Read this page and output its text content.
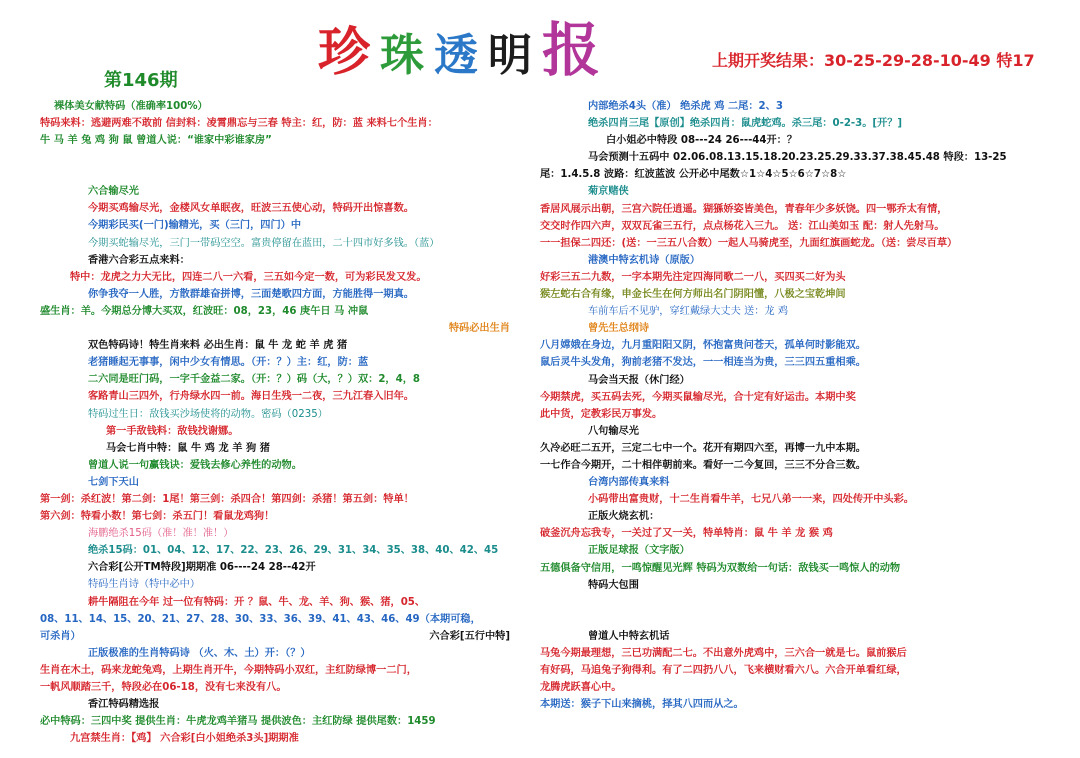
珍珠透明报
第146期
上期开奖结果：30-25-29-28-10-49 特17
裸体美女献特码（准确率100%）
特码来料：逃避两难不敢前 信封料：凌霄鼎忘与三春 特主：红，防：蓝 来料七个生肖：
牛 马 羊 兔 鸡 狗 鼠 曾道人说：“谁家中彩谁家房”
六合输尽光
今期买鸡输尽光，金楼风女单眠夜，旺波三五使心动，特码开出惊喜数。
今期彩民买(一门)输精光，买（三门，四门）中
今期买蛇输尽光，三门一带码空空。富贵停留在蓝田，二十四市好多钱。（蓝）
香港六合彩五点来料：
特中：龙虎之力大无比，四连二八一六看，三五如今定一数，可为彩民发又发。
你争我夺一人胜，方散群雄奋拼博，三面楚歌四方面，方能胜得一期真。
盛生肖：羊。今期总分博大买双，红波旺：08，23，46 庚午日 马 冲鼠
特码必出生肖
双色特码诗！特生肖来料 必出生肖：鼠 牛 龙 蛇 羊 虎 猪
老猪睡起无事事，闲中少女有情思。（开：？）主：红，防：蓝
二六同是旺门码，一字千金益二家。（开：？）码（大，？）双：2，4，8
客路青山三四外，行舟绿水四一前。海日生残一二夜，三九江春入旧年。
特码过生日：敌钱买沙场使将的动物。密码（0235）
第一手敌钱料：敌钱找谢娜。
马会七肖中特：鼠 牛 鸡 龙 羊 狗 猪
曾道人说一句赢钱诀：爱钱去修心养性的动物。
七剑下天山
第一剑：杀红波！第二剑：1尾！第三剑：杀四合！第四剑：杀猪！第五剑：特单！
第六剑：特看小数！第七剑：杀五门！看鼠龙鸡狗！
海鹏绝杀15码（准！准！准！）
绝杀15码：01、04、12、17、22、23、26、29、31、34、35、38、40、42、45
六合彩[公开TM特段]期期准 06----24 28--42开
特码生肖诗（特中必中）
耕牛隔阻在今年 过一位有特码：开 ？鼠、牛、龙、羊、狗、猴、猪，05、
08、11、14、15、20、21、27、28、30、33、36、39、41、43、46、49（本期可稳，
可杀肖）	六合彩[五行中特]
正版极准的生肖特码诗 （火、木、土）开：（？）
生肖在木土，码来龙蛇兔鸡，上期生肖开牛，今期特码小双红，主红防绿博一二门，
一帆风顺踏三千，特段必在06-18，没有七来没有八。
香江特码精选报
必中特码：三四中奖 提供生肖：牛虎龙鸡羊猪马 提供波色：主红防绿 提供尾数：1459
九宫禁生肖：【鸡】 六合彩[白小姐绝杀3头]期期准
内部绝杀4头（准） 绝杀虎 鸡 二尾：2、3
绝杀四肖三尾【原创】绝杀四肖：鼠虎蛇鸡。杀三尾：0-2-3。[开？]
白小姐必中特段 08---24 26---44开：？
马会预测十五码中 02.06.08.13.15.18.20.23.25.29.33.37.38.45.48 特段：13-25
尾：1.4.5.8 波路：红波蓝波 公开必中尾数☆1☆4☆5☆6☆7☆8☆
菊京赌侠
香居风展示出朝，三宫六院任逍遥。猢猻娇姿皆美色，青春年少多妖饶。四一鄂乔太有情，
交交时作四六声，双双瓦雀三五行，点点杨花入三九。 送：江山美如玉 配：射人先射马。
一一担保二四还：(送：一三五八合数）一起人马骑虎至，九面红旗画蛇龙。（送：尝尽百草）
港澳中特玄机诗（原版）
好彩三五二九数，一字本期先注定四海同歌二一八，买四买二好为头
猴左蛇右合有缘，申金长生在何方师出名门阴阳懂，八极之宝乾坤间
车前车后不见驴，穿红戴绿大丈夫 送：龙 鸡
曾先生总纲诗
八月嫦娥在身边，九月重阳阳又阴，怀抱富贵问苍天，孤单何时影能双。
鼠后灵牛头发角，狗前老猪不发达，一一相连当为贵，三三四五重相乘。
马会当天报（休门经）
今期禁虎，买五码去死，今期买鼠输尽光，合十定有好运击。本期中奖
此中货，定教彩民万事发。
八句输尽光
久冷必旺二五开，三定二七中一个。花开有期四六至，再博一九中本期。
一七作合今期开，二十相伴朝前来。看好一二今复回，三三不分合三数。
台湾内部传真来料
小码带出富贵财，十二生肖看牛羊，七兄八弟一一来，四处传开中头彩。
正版火烧玄机：
破釜沉舟忘我专，一关过了又一关，特单特肖：鼠 牛 羊 龙 猴 鸡
正版足球报（文字版）
五德俱备守信用，一鸣惊醒见光辉 特码为双数给一句话：敌钱买一鸣惊人的动物
特码大包围
曾道人中特玄机话
马兔今期最理想，三已功满配二七。不出意外虎鸡中，三六合一就是七。鼠前猴后
有好码，马追兔子狗得利。有了二四扔八八，飞来横财看六八。六合开单看红绿，
龙腾虎跃喜心中。
本期送：猴子下山来摘桃，择其八四而从之。
